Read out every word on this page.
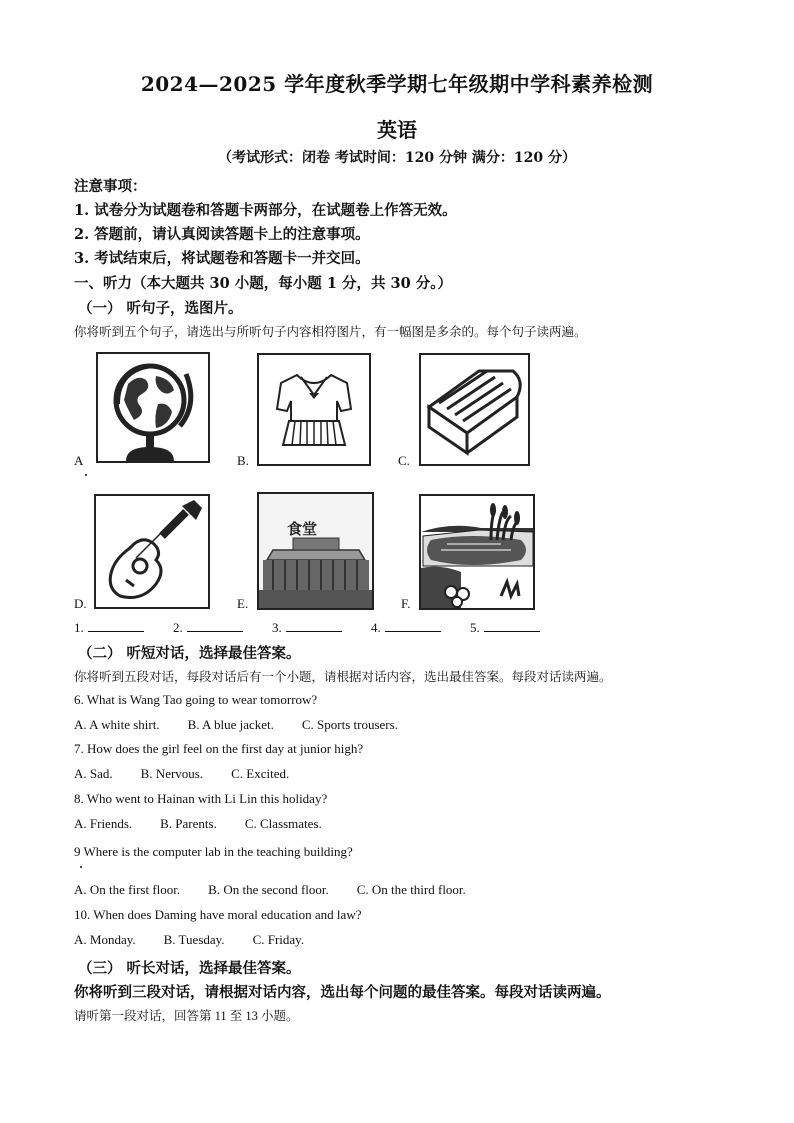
2024—2025 学年度秋季学期七年级期中学科素养检测
英语
（考试形式：闭卷 考试时间：120 分钟 满分：120 分）
注意事项：
1. 试卷分为试题卷和答题卡两部分，在试题卷上作答无效。
2. 答题前，请认真阅读答题卡上的注意事项。
3. 考试结束后，将试题卷和答题卡一并交回。
一、听力（本大题共 30 小题，每小题 1 分，共 30 分。）
（一） 听句子，选图片。
你将听到五个句子，请选出与所听句子内容相符图片，有一幅图是多余的。每个句子读两遍。
A	B.	C.
D.
食堂
E.	F.
1.	2.	3.	4.	5.
（二） 听短对话，选择最佳答案。
你将听到五段对话，每段对话后有一个小题，请根据对话内容，选出最佳答案。每段对话读两遍。
6. What is Wang Tao going to wear tomorrow?
A. A white shirt. B. A blue jacket. C. Sports trousers.
7. How does the girl feel on the first day at junior high?
A. Sad. B. Nervous. C. Excited.
8. Who went to Hainan with Li Lin this holiday?
A. Friends. B. Parents. C. Classmates.
9 Where is the computer lab in the teaching building?
A. On the first floor. B. On the second floor. C. On the third floor.
10. When does Daming have moral education and law?
A. Monday. B. Tuesday. C. Friday.
（三） 听长对话，选择最佳答案。
你将听到三段对话，请根据对话内容，选出每个问题的最佳答案。每段对话读两遍。
请听第一段对话，回答第 11 至 13 小题。
